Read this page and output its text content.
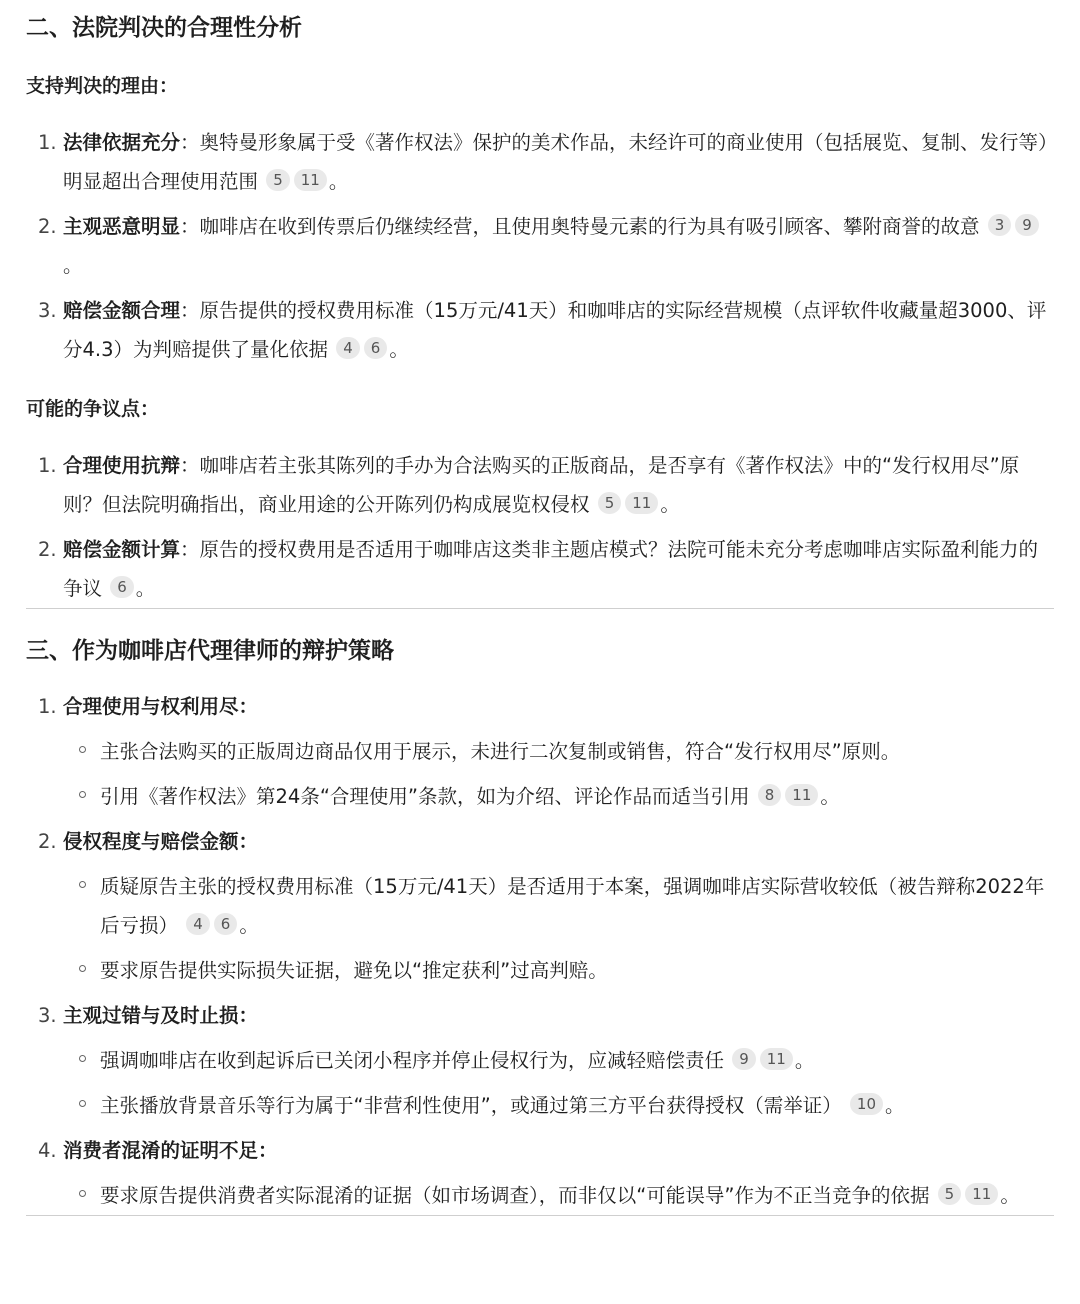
二、法院判决的合理性分析

支持判决的理由：

1. 法律依据充分：奥特曼形象属于受《著作权法》保护的美术作品，未经许可的商业使用（包括展览、复制、发行等）明显超出合理使用范围 5 11 。
2. 主观恶意明显：咖啡店在收到传票后仍继续经营，且使用奥特曼元素的行为具有吸引顾客、攀附商誉的故意 3 9。
3. 赔偿金额合理：原告提供的授权费用标准（15万元/41天）和咖啡店的实际经营规模（点评软件收藏量超3000、评分4.3）为判赔提供了量化依据 4 6 。

可能的争议点：

1. 合理使用抗辩：咖啡店若主张其陈列的手办为合法购买的正版商品，是否享有《著作权法》中的“发行权用尽”原则？但法院明确指出，商业用途的公开陈列仍构成展览权侵权 5 11 。
2. 赔偿金额计算：原告的授权费用是否适用于咖啡店这类非主题店模式？法院可能未充分考虑咖啡店实际盈利能力的争议 6 。
三、作为咖啡店代理律师的辩护策略
1. 合理使用与权利用尽：
主张合法购买的正版周边商品仅用于展示，未进行二次复制或销售，符合“发行权用尽”原则。
引用《著作权法》第24条“合理使用”条款，如为介绍、评论作品而适当引用 8 11 。
2. 侵权程度与赔偿金额：
质疑原告主张的授权费用标准（15万元/41天）是否适用于本案，强调咖啡店实际营收较低（被告辩称2022年后亏损） 4 6 。
要求原告提供实际损失证据，避免以“推定获利”过高判赔。
3. 主观过错与及时止损：
强调咖啡店在收到起诉后已关闭小程序并停止侵权行为，应减轻赔偿责任 9 11 。
主张播放背景音乐等行为属于“非营利性使用”，或通过第三方平台获得授权（需举证） 10 。
4. 消费者混淆的证明不足：
要求原告提供消费者实际混淆的证据（如市场调查），而非仅以“可能误导”作为不正当竞争的依据 5 11 。
